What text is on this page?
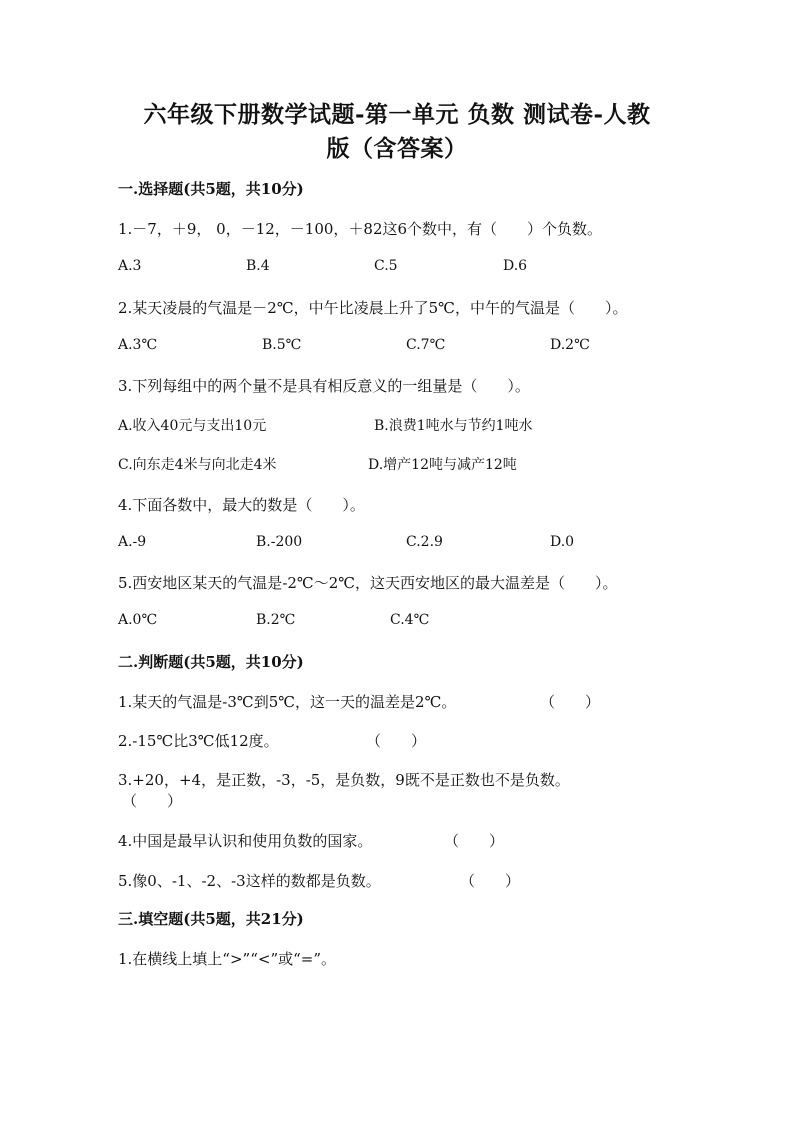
六年级下册数学试题-第一单元 负数 测试卷-人教
版（含答案）
一.选择题(共5题，共10分)
1.－7，＋9， 0，－12，－100，＋82这6个数中，有（　　）个负数。
A.3	B.4	C.5	D.6
2.某天凌晨的气温是－2℃，中午比凌晨上升了5℃，中午的气温是（　　）。
A.3℃	B.5℃	C.7℃	D.2℃
3.下列每组中的两个量不是具有相反意义的一组量是（　　）。
A.收入40元与支出10元	B.浪费1吨水与节约1吨水
C.向东走4米与向北走4米	D.增产12吨与减产12吨
4.下面各数中，最大的数是（　　）。
A.-9	B.-200	C.2.9	D.0
5.西安地区某天的气温是-2℃～2℃，这天西安地区的最大温差是（　　）。
A.0℃	B.2℃	C.4℃
二.判断题(共5题，共10分)
1.某天的气温是-3℃到5℃，这一天的温差是2℃。	（　　）
2.-15℃比3℃低12度。	（　　）
3.+20，+4，是正数，-3，-5，是负数，9既不是正数也不是负数。
（　　）
4.中国是最早认识和使用负数的国家。	（　　）
5.像0、-1、-2、-3这样的数都是负数。	（　　）
三.填空题(共5题，共21分)
1.在横线上填上“>”“<”或“=”。
